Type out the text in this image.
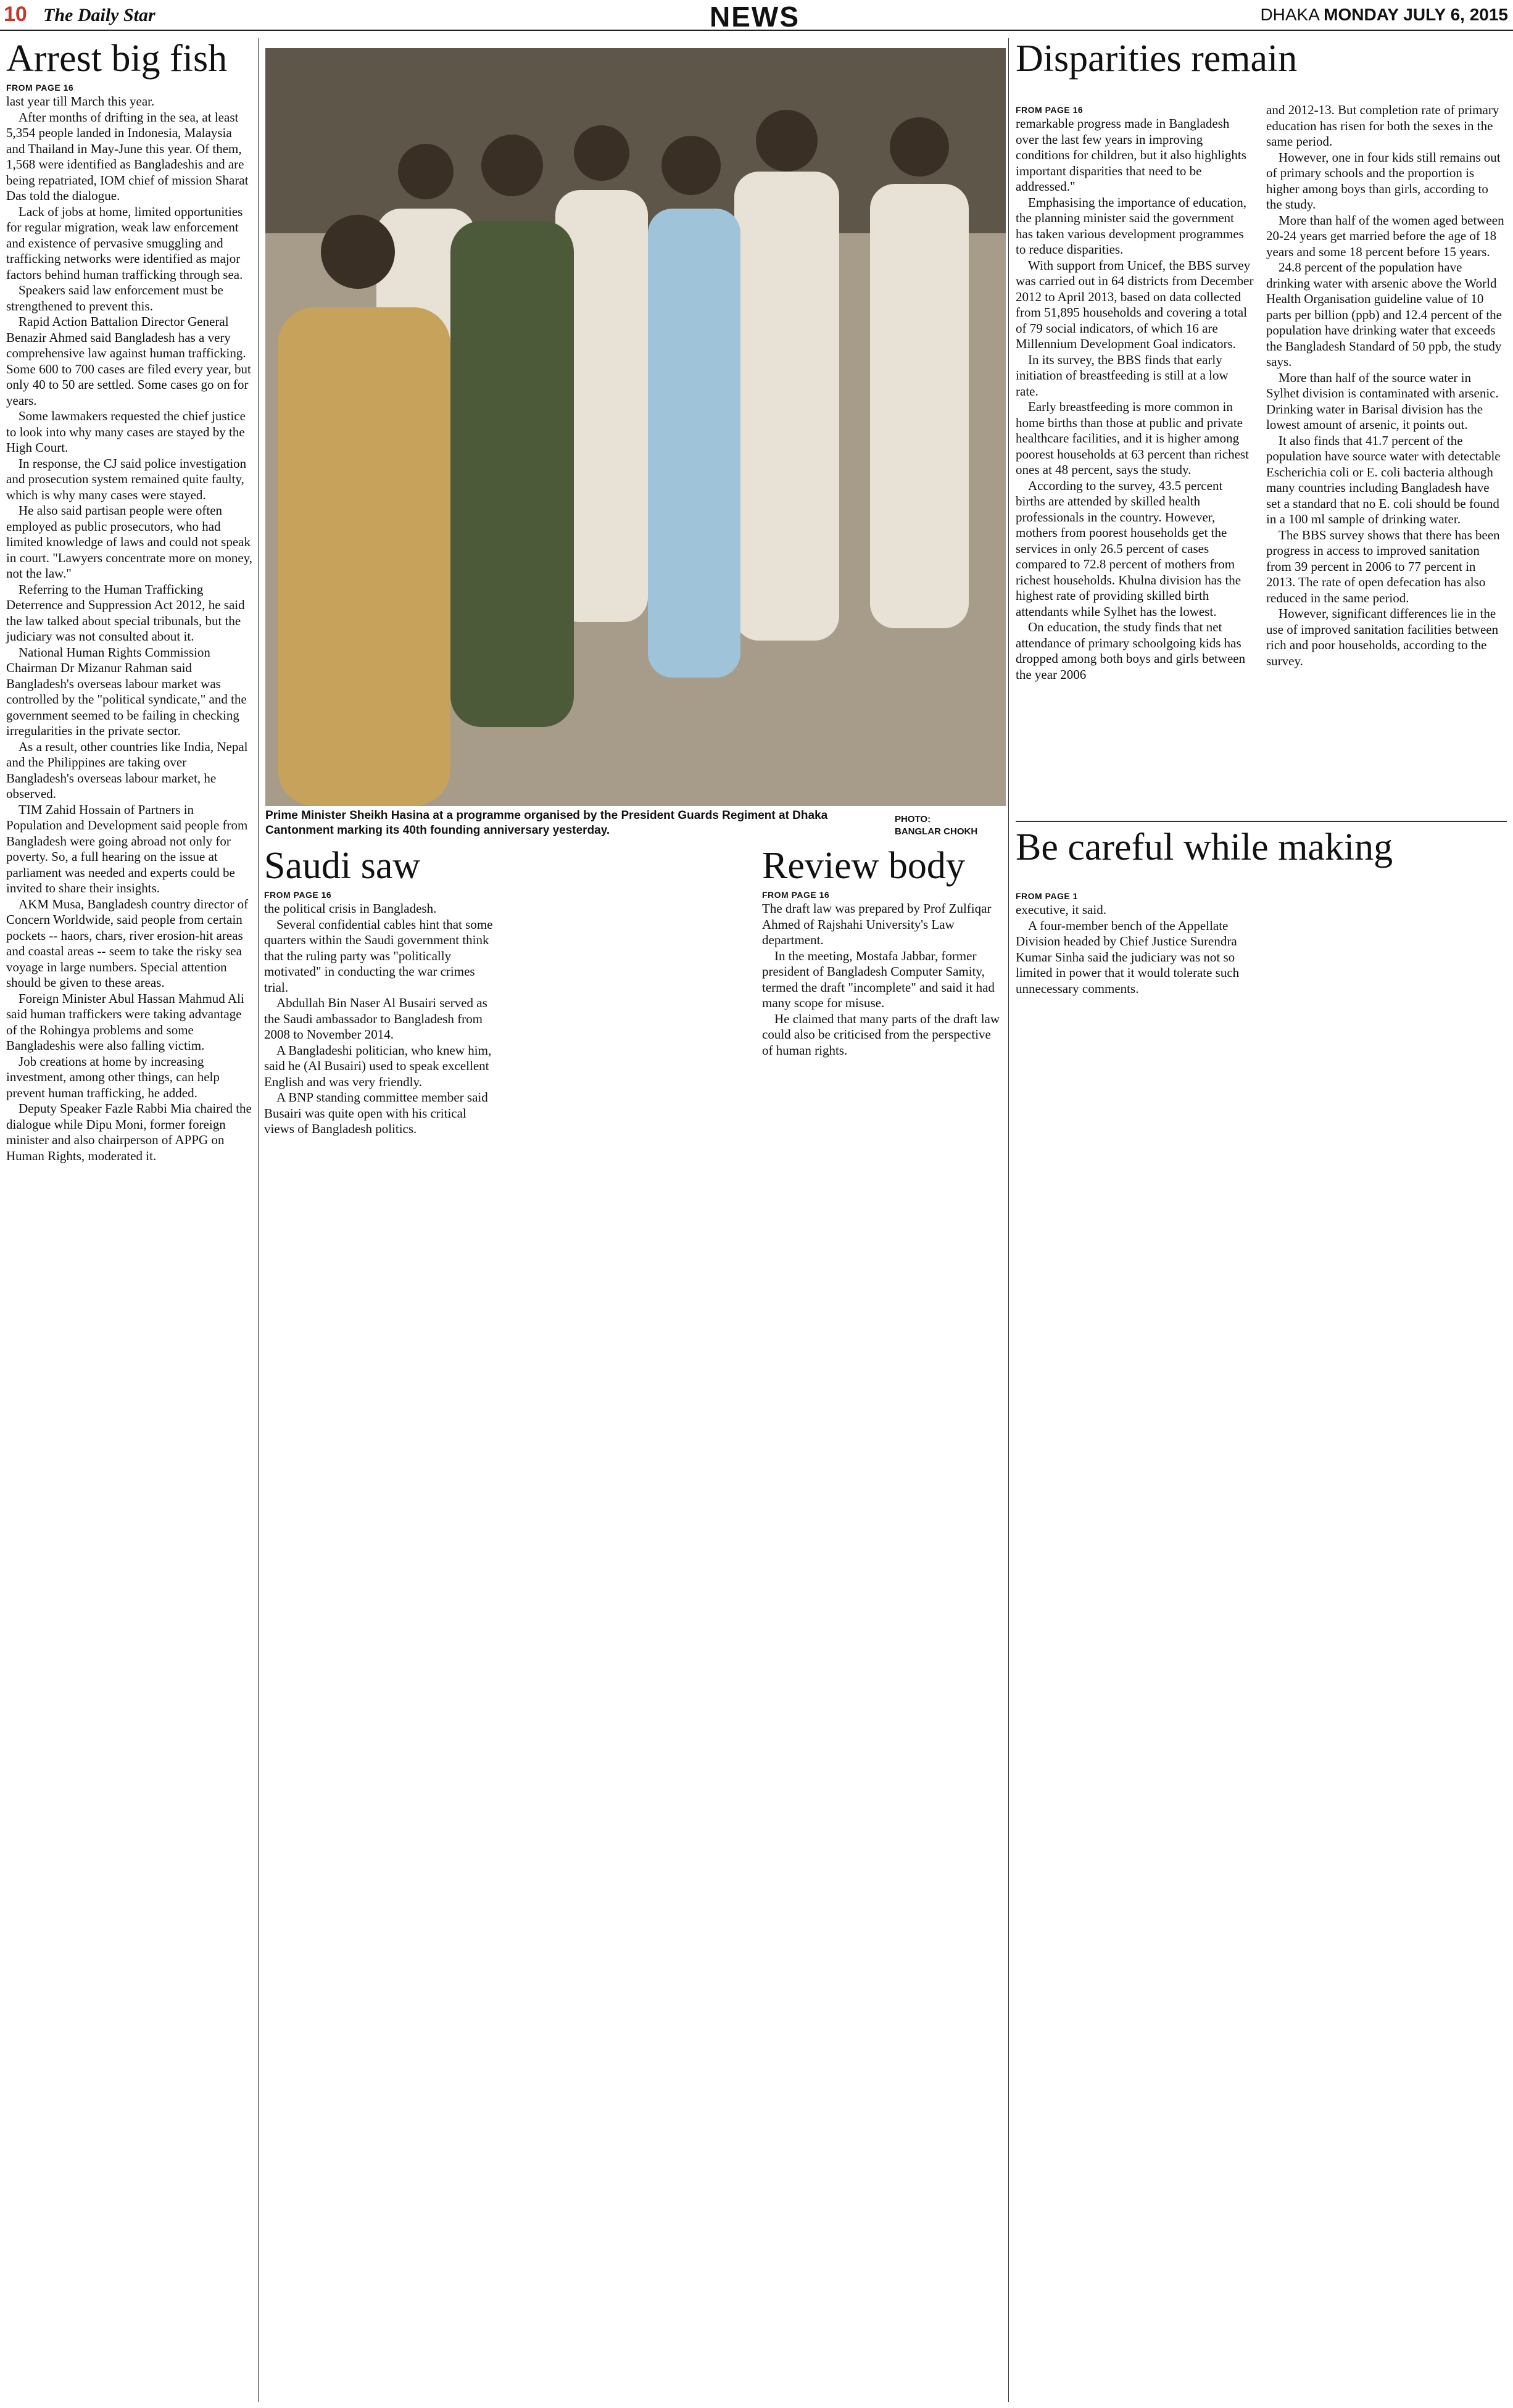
10 The Daily Star	NEWS	DHAKA MONDAY JULY 6, 2015
Arrest big fish
FROM PAGE 16

last year till March this year.

After months of drifting in the sea, at least 5,354 people landed in Indonesia, Malaysia and Thailand in May-June this year. Of them, 1,568 were identified as Bangladeshis and are being repatriated, IOM chief of mission Sharat Das told the dialogue.

Lack of jobs at home, limited opportunities for regular migration, weak law enforcement and existence of pervasive smuggling and trafficking networks were identified as major factors behind human trafficking through sea.

Speakers said law enforcement must be strengthened to prevent this.

Rapid Action Battalion Director General Benazir Ahmed said Bangladesh has a very comprehensive law against human trafficking. Some 600 to 700 cases are filed every year, but only 40 to 50 are settled. Some cases go on for years.

Some lawmakers requested the chief justice to look into why many cases are stayed by the High Court.

In response, the CJ said police investigation and prosecution system remained quite faulty, which is why many cases were stayed.

He also said partisan people were often employed as public prosecutors, who had limited knowledge of laws and could not speak in court. "Lawyers concentrate more on money, not the law."

Referring to the Human Trafficking Deterrence and Suppression Act 2012, he said the law talked about special tribunals, but the judiciary was not consulted about it.

National Human Rights Commission Chairman Dr Mizanur Rahman said Bangladesh's overseas labour market was controlled by the "political syndicate," and the government seemed to be failing in checking irregularities in the private sector.

As a result, other countries like India, Nepal and the Philippines are taking over Bangladesh's overseas labour market, he observed.

TIM Zahid Hossain of Partners in Population and Development said people from Bangladesh were going abroad not only for poverty. So, a full hearing on the issue at parliament was needed and experts could be invited to share their insights.

AKM Musa, Bangladesh country director of Concern Worldwide, said people from certain pockets -- haors, chars, river erosion-hit areas and coastal areas -- seem to take the risky sea voyage in large numbers. Special attention should be given to these areas.

Foreign Minister Abul Hassan Mahmud Ali said human traffickers were taking advantage of the Rohingya problems and some Bangladeshis were also falling victim.

Job creations at home by increasing investment, among other things, can help prevent human trafficking, he added.

Deputy Speaker Fazle Rabbi Mia chaired the dialogue while Dipu Moni, former foreign minister and also chairperson of APPG on Human Rights, moderated it.

Prime Minister Sheikh Hasina at a programme organised by the President Guards Regiment at Dhaka Cantonment marking its 40th founding anniversary yesterday.
PHOTO:
BANGLAR CHOKH
Saudi saw
FROM PAGE 16

the political crisis in Bangladesh.

Several confidential cables hint that some quarters within the Saudi government think that the ruling party was "politically motivated" in conducting the war crimes trial.

Abdullah Bin Naser Al Busairi served as the Saudi ambassador to Bangladesh from 2008 to November 2014.

A Bangladeshi politician, who knew him, said he (Al Busairi) used to speak excellent English and was very friendly.

A BNP standing committee member said Busairi was quite open with his critical views of Bangladesh politics.

Review body
FROM PAGE 16

The draft law was prepared by Prof Zulfiqar Ahmed of Rajshahi University's Law department.

In the meeting, Mostafa Jabbar, former president of Bangladesh Computer Samity, termed the draft "incomplete" and said it had many scope for misuse.

He claimed that many parts of the draft law could also be criticised from the perspective of human rights.

Disparities remain
FROM PAGE 16

remarkable progress made in Bangladesh over the last few years in improving conditions for children, but it also highlights important disparities that need to be addressed."

Emphasising the importance of education, the planning minister said the government has taken various development programmes to reduce disparities.

With support from Unicef, the BBS survey was carried out in 64 districts from December 2012 to April 2013, based on data collected from 51,895 households and covering a total of 79 social indicators, of which 16 are Millennium Development Goal indicators.

In its survey, the BBS finds that early initiation of breastfeeding is still at a low rate.

Early breastfeeding is more common in home births than those at public and private healthcare facilities, and it is higher among poorest households at 63 percent than richest ones at 48 percent, says the study.

According to the survey, 43.5 percent births are attended by skilled health professionals in the country. However, mothers from poorest households get the services in only 26.5 percent of cases compared to 72.8 percent of mothers from richest households. Khulna division has the highest rate of providing skilled birth attendants while Sylhet has the lowest.

On education, the study finds that net attendance of primary schoolgoing kids has dropped among both boys and girls between the year 2006

and 2012-13. But completion rate of primary education has risen for both the sexes in the same period.

However, one in four kids still remains out of primary schools and the proportion is higher among boys than girls, according to the study.

More than half of the women aged between 20-24 years get married before the age of 18 years and some 18 percent before 15 years.

24.8 percent of the population have drinking water with arsenic above the World Health Organisation guideline value of 10 parts per billion (ppb) and 12.4 percent of the population have drinking water that exceeds the Bangladesh Standard of 50 ppb, the study says.

More than half of the source water in Sylhet division is contaminated with arsenic. Drinking water in Barisal division has the lowest amount of arsenic, it points out.

It also finds that 41.7 percent of the population have source water with detectable Escherichia coli or E. coli bacteria although many countries including Bangladesh have set a standard that no E. coli should be found in a 100 ml sample of drinking water.

The BBS survey shows that there has been progress in access to improved sanitation from 39 percent in 2006 to 77 percent in 2013. The rate of open defecation has also reduced in the same period.

However, significant differences lie in the use of improved sanitation facilities between rich and poor households, according to the survey.

Be careful while making
FROM PAGE 1

executive, it said.

A four-member bench of the Appellate Division headed by Chief Justice Surendra Kumar Sinha said the judiciary was not so limited in power that it would tolerate such unnecessary comments.
